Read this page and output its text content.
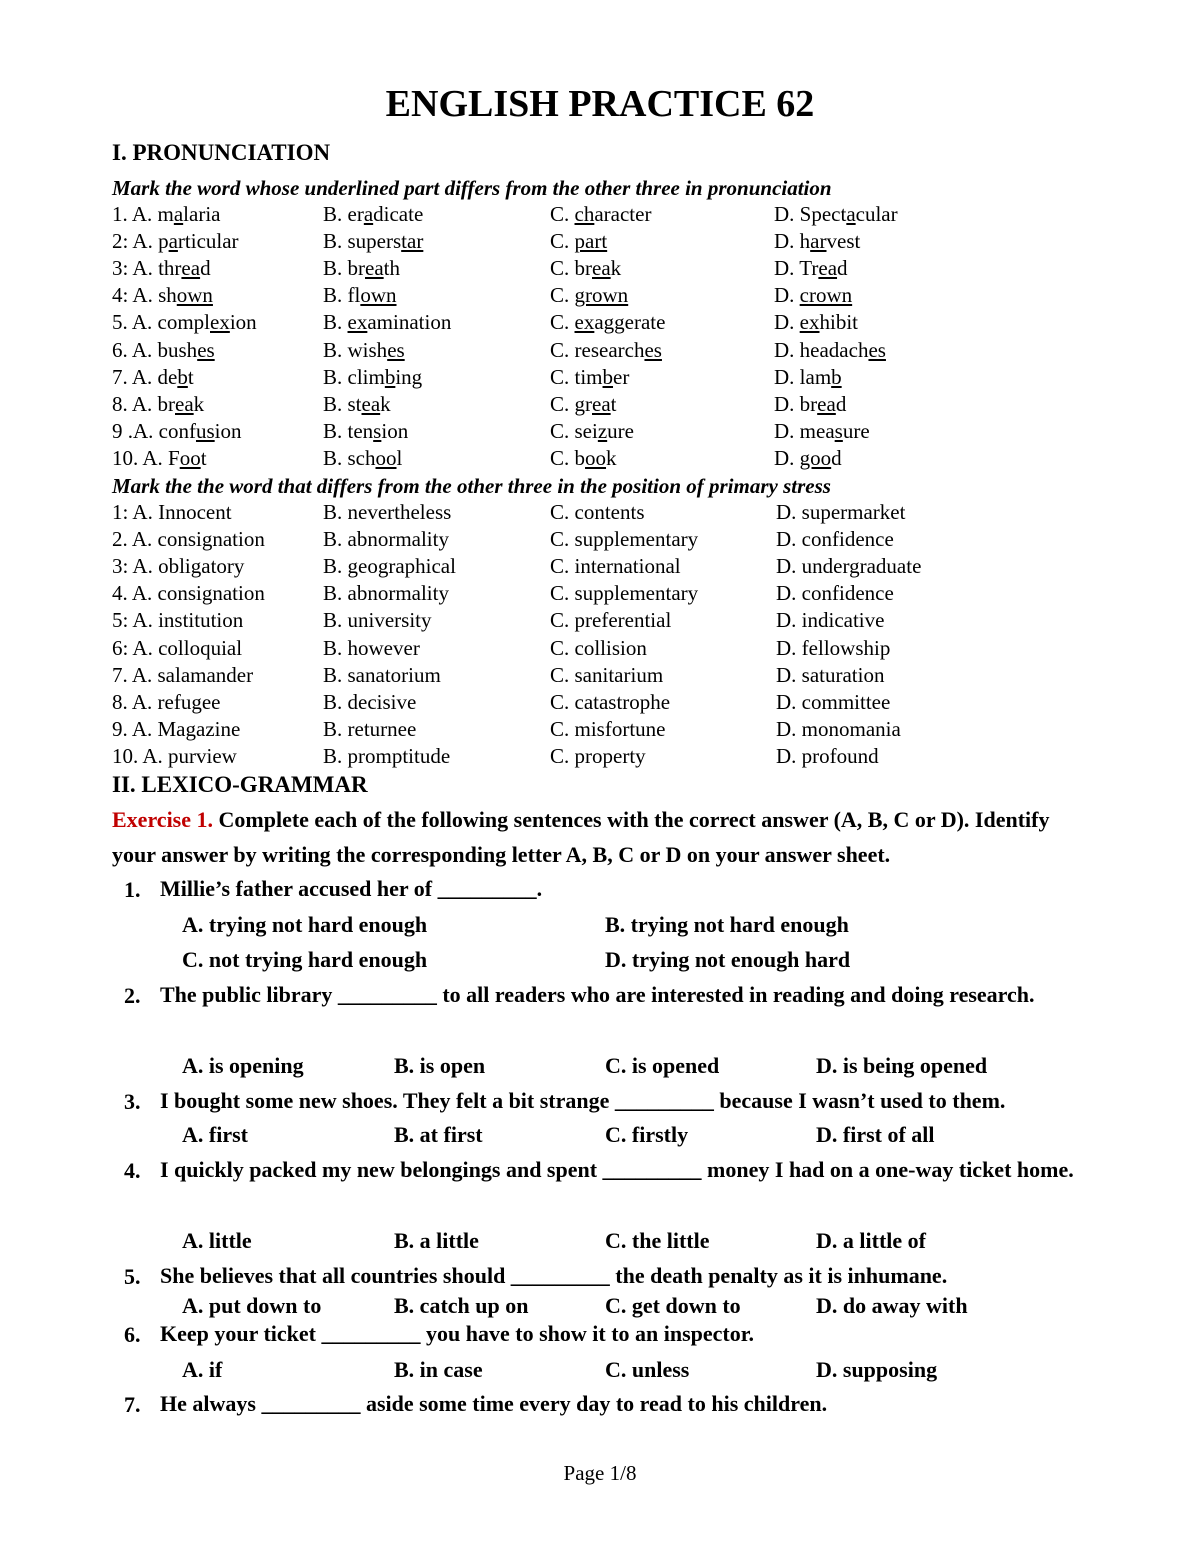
ENGLISH PRACTICE 62
I. PRONUNCIATION
Mark the word whose underlined part differs from the other three in pronunciation
1. A. malaria	B. eradicate	C. character	D. Spectacular
2: A. particular	B. superstar	C. part	D. harvest
3: A. thread	B. breath	C. break	D. Tread
4: A. shown	B. flown	C. grown	D. crown
5. A. complexion	B. examination	C. exaggerate	D. exhibit
6. A. bushes	B. wishes	C. researches	D. headaches
7. A. debt	B. climbing	C. timber	D. lamb
8. A. break	B. steak	C. great	D. bread
9 .A. confusion	B. tension	C. seizure	D. measure
10. A. Foot	B. school	C. book	D. good
Mark the the word that differs from the other three in the position of primary stress
1: A. Innocent	B. nevertheless	C. contents	D. supermarket
2. A. consignation	B. abnormality	C. supplementary	D. confidence
3: A. obligatory	B. geographical	C. international	D. undergraduate
4. A. consignation	B. abnormality	C. supplementary	D. confidence
5: A. institution	B. university	C. preferential	D. indicative
6: A. colloquial	B. however	C. collision	D. fellowship
7. A. salamander	B. sanatorium	C. sanitarium	D. saturation
8. A. refugee	B. decisive	C. catastrophe	D. committee
9. A. Magazine	B. returnee	C. misfortune	D. monomania
10. A. purview	B. promptitude	C. property	D. profound
II. LEXICO-GRAMMAR
Exercise 1. Complete each of the following sentences with the correct answer (A, B, C or D). Identify your answer by writing the corresponding letter A, B, C or D on your answer sheet.
1. Millie’s father accused her of _________.
A. trying not hard enough	B. trying not hard enough
C. not trying hard enough	D. trying not enough hard
2. The public library _________ to all readers who are interested in reading and doing research.
A. is opening	B. is open	C. is opened	D. is being opened
3. I bought some new shoes. They felt a bit strange _________ because I wasn’t used to them.
A. first	B. at first	C. firstly	D. first of all
4. I quickly packed my new belongings and spent _________ money I had on a one-way ticket home.
A. little	B. a little	C. the little	D. a little of
5. She believes that all countries should _________ the death penalty as it is inhumane.
A. put down to	B. catch up on	C. get down to	D. do away with
6. Keep your ticket _________ you have to show it to an inspector.
A. if	B. in case	C. unless	D. supposing
7. He always _________ aside some time every day to read to his children.
Page 1/8
